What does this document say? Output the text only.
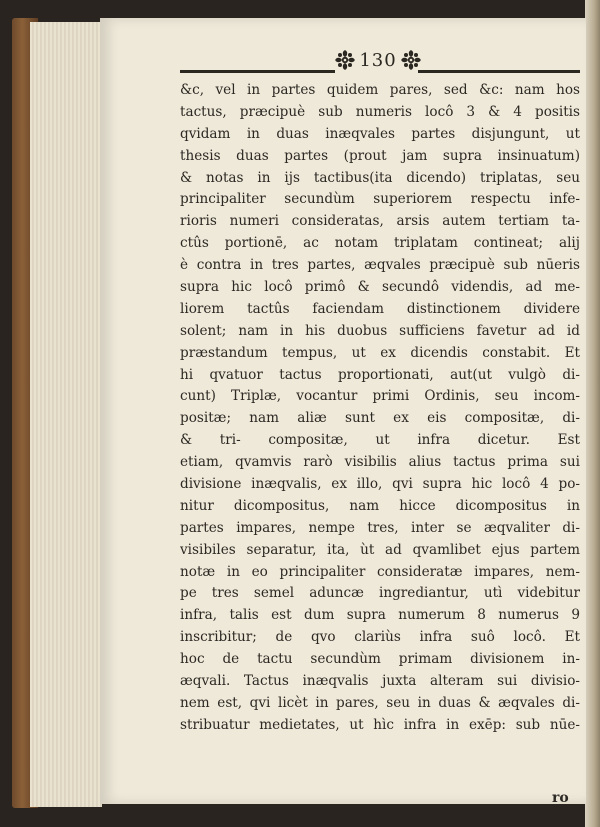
130
&c, vel in partes quidem pares, sed &c: nam hos
tactus, præcipuè sub numeris locô 3 & 4 positis
qvidam in duas inæqvales partes disjungunt, ut
thesis duas partes (prout jam supra insinuatum)
& notas in ijs tactibus(ita dicendo) triplatas, seu
principaliter secundùm superiorem respectu infe-
rioris numeri consideratas, arsis autem tertiam ta-
ctûs portionē, ac notam triplatam contineat; alij
è contra in tres partes, æqvales præcipuè sub nūeris
supra hic locô primô & secundô videndis, ad me-
liorem tactûs faciendam distinctionem dividere
solent; nam in his duobus sufficiens favetur ad id
præstandum tempus, ut ex dicendis constabit. Et
hi qvatuor tactus proportionati, aut(ut vulgò di-
cunt) Triplæ, vocantur primi Ordinis, seu incom-
positæ; nam aliæ sunt ex eis compositæ, di-
& tri- compositæ, ut infra dicetur. Est
etiam, qvamvis rarò visibilis alius tactus prima sui
divisione inæqvalis, ex illo, qvi supra hic locô 4 po-
nitur dicompositus, nam hicce dicompositus in
partes impares, nempe tres, inter se æqvaliter di-
visibiles separatur, ita, ùt ad qvamlibet ejus partem
notæ in eo principaliter consideratæ impares, nem-
pe tres semel aduncæ ingrediantur, utì videbitur
infra, talis est dum supra numerum 8 numerus 9
inscribitur; de qvo clariùs infra suô locô. Et
hoc de tactu secundùm primam divisionem in-
æqvali. Tactus inæqvalis juxta alteram sui divisio-
nem est, qvi licèt in pares, seu in duas & æqvales di-
stribuatur medietates, ut hìc infra in exēp: sub nūe-
ro
